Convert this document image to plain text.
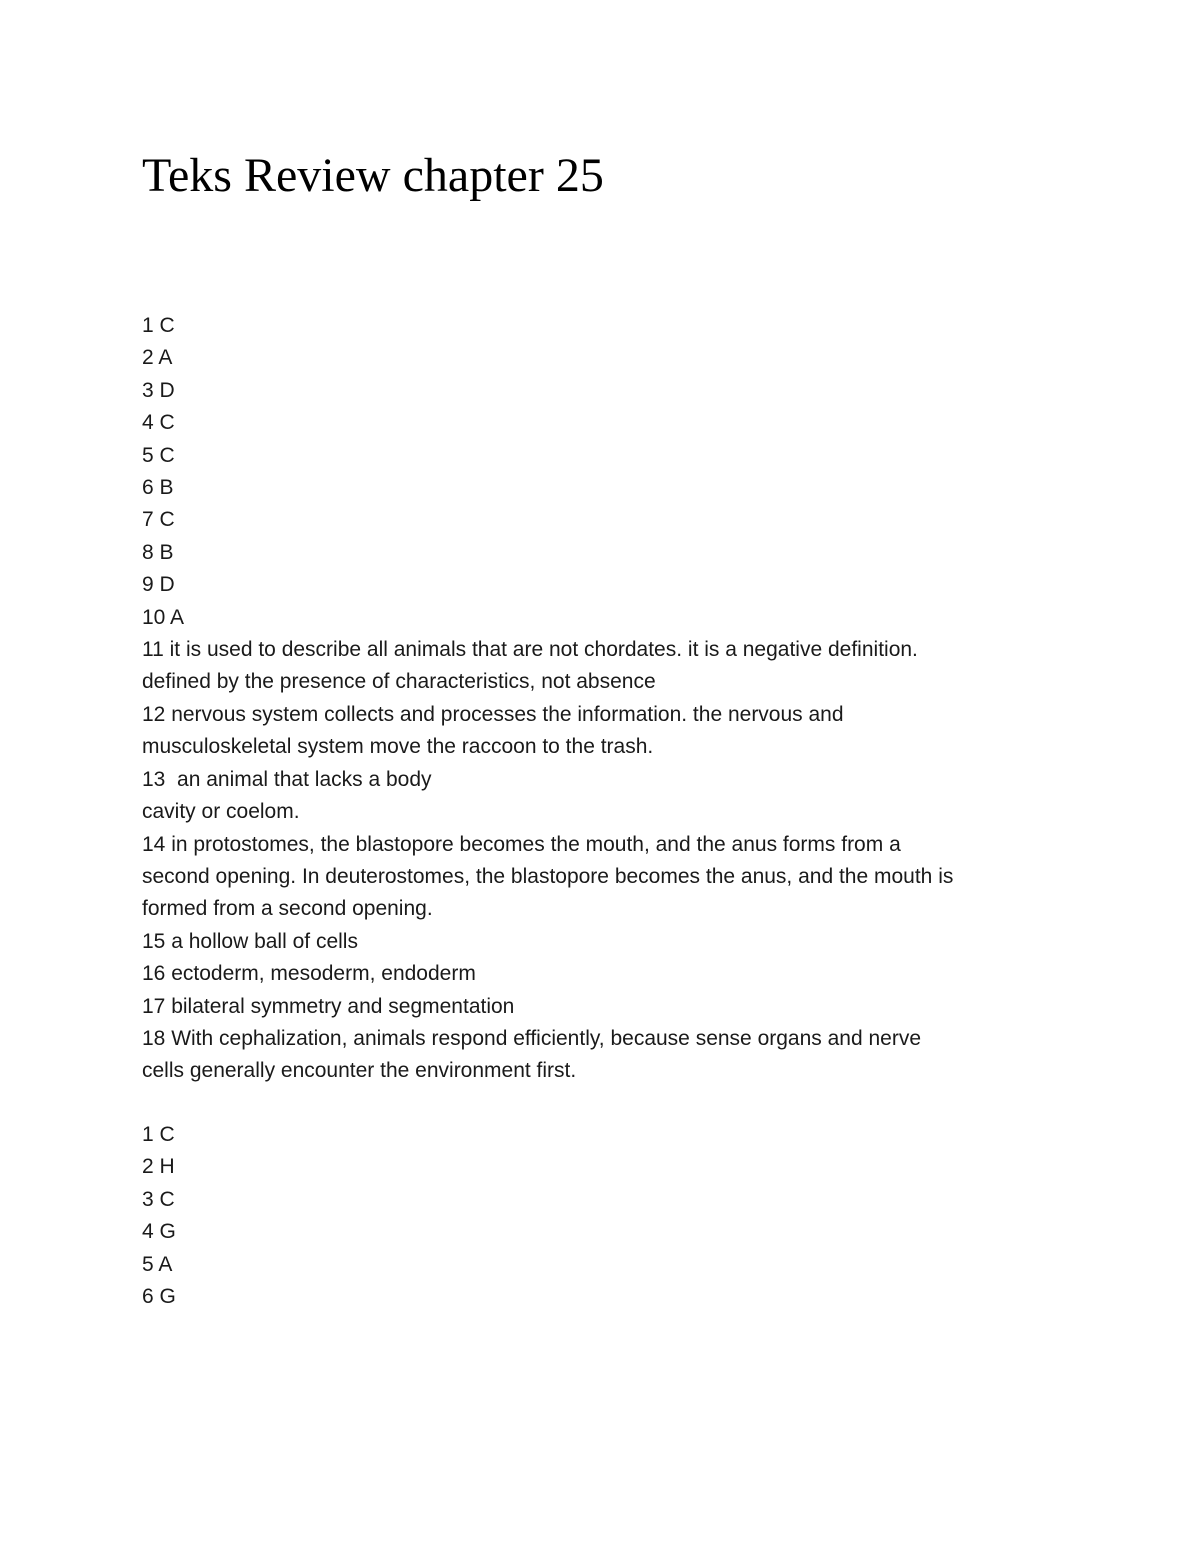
Teks Review chapter 25
1 C
2 A
3 D
4 C
5 C
6 B
7 C
8 B
9 D
10 A
11 it is used to describe all animals that are not chordates. it is a negative definition.
defined by the presence of characteristics, not absence
12 nervous system collects and processes the information. the nervous and
musculoskeletal system move the raccoon to the trash.
13  an animal that lacks a body
cavity or coelom.
14 in protostomes, the blastopore becomes the mouth, and the anus forms from a
second opening. In deuterostomes, the blastopore becomes the anus, and the mouth is
formed from a second opening.
15 a hollow ball of cells
16 ectoderm, mesoderm, endoderm
17 bilateral symmetry and segmentation
18 With cephalization, animals respond efficiently, because sense organs and nerve
cells generally encounter the environment first.
1 C
2 H
3 C
4 G
5 A
6 G
